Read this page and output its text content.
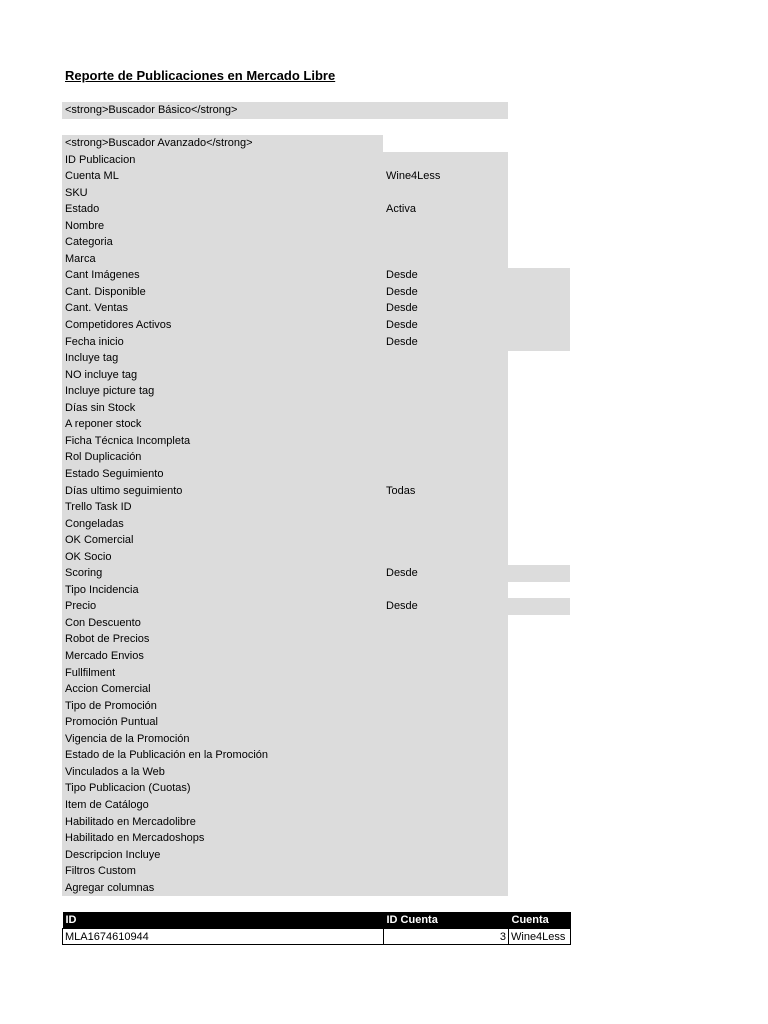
Reporte de Publicaciones en Mercado Libre
<strong>Buscador Básico</strong>
<strong>Buscador Avanzado</strong>
ID Publicacion
Cuenta ML	Wine4Less
SKU
Estado	Activa
Nombre
Categoria
Marca
Cant Imágenes	Desde
Cant. Disponible	Desde
Cant. Ventas	Desde
Competidores Activos	Desde
Fecha inicio	Desde
Incluye tag
NO incluye tag
Incluye picture tag
Días sin Stock
A reponer stock
Ficha Técnica Incompleta
Rol Duplicación
Estado Seguimiento
Días ultimo seguimiento	Todas
Trello Task ID
Congeladas
OK Comercial
OK Socio
Scoring	Desde
Tipo Incidencia
Precio	Desde
Con Descuento
Robot de Precios
Mercado Envios
Fullfilment
Accion Comercial
Tipo de Promoción
Promoción Puntual
Vigencia de la Promoción
Estado de la Publicación en la Promoción
Vinculados a la Web
Tipo Publicacion (Cuotas)
Item de Catálogo
Habilitado en Mercadolibre
Habilitado en Mercadoshops
Descripcion Incluye
Filtros Custom
Agregar columnas
ID	ID Cuenta	Cuenta
MLA1674610944	3	Wine4Less
